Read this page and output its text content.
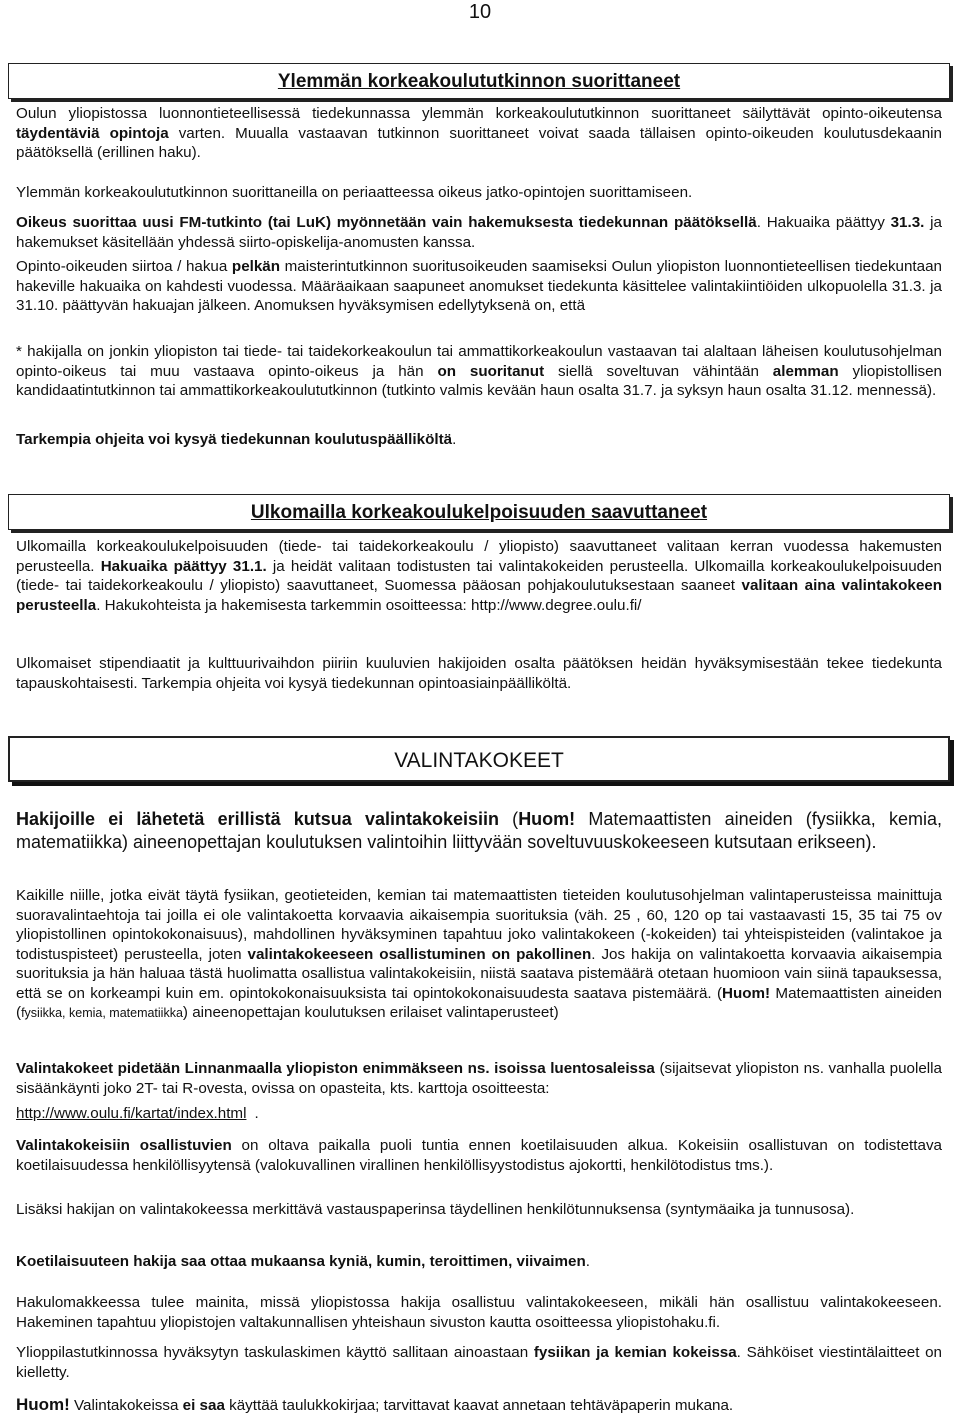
10
Ylemmän korkeakoulututkinnon suorittaneet

Oulun yliopistossa luonnontieteellisessä tiedekunnassa ylemmän korkeakoulututkinnon suorittaneet säilyttävät opinto-oikeutensa täydentäviä opintoja varten. Muualla vastaavan tutkinnon suorittaneet voivat saada tällaisen opinto-oikeuden koulutusdekaanin päätöksellä (erillinen haku).

Ylemmän korkeakoulututkinnon suorittaneilla on periaatteessa oikeus jatko-opintojen suorittamiseen.

Oikeus suorittaa uusi FM-tutkinto (tai LuK) myönnetään vain hakemuksesta tiedekunnan päätöksellä. Hakuaika päättyy 31.3. ja hakemukset käsitellään yhdessä siirto-opiskelija-anomusten kanssa.

Opinto-oikeuden siirtoa / hakua pelkän maisterintutkinnon suoritusoikeuden saamiseksi Oulun yliopiston luonnontieteellisen tiedekuntaan hakeville hakuaika on kahdesti vuodessa. Määräaikaan saapuneet anomukset tiedekunta käsittelee valintakiintiöiden ulkopuolella 31.3. ja 31.10. päättyvän hakuajan jälkeen. Anomuksen hyväksymisen edellytyksenä on, että

* hakijalla on jonkin yliopiston tai tiede- tai taidekorkeakoulun tai ammattikorkeakoulun vastaavan tai alaltaan läheisen koulutusohjelman opinto-oikeus tai muu vastaava opinto-oikeus ja hän on suoritanut siellä soveltuvan vähintään alemman yliopistollisen kandidaatintutkinnon tai ammattikorkeakoulututkinnon (tutkinto valmis kevään haun osalta 31.7. ja syksyn haun osalta 31.12. mennessä).

Tarkempia ohjeita voi kysyä tiedekunnan koulutuspäälliköltä.

Ulkomailla korkeakoulukelpoisuuden saavuttaneet

Ulkomailla korkeakoulukelpoisuuden (tiede- tai taidekorkeakoulu / yliopisto) saavuttaneet valitaan kerran vuodessa hakemusten perusteella. Hakuaika päättyy 31.1. ja heidät valitaan todistusten tai valintakokeiden perusteella. Ulkomailla korkeakoulukelpoisuuden (tiede- tai taidekorkeakoulu / yliopisto) saavuttaneet, Suomessa pääosan pohjakoulutuksestaan saaneet valitaan aina valintakokeen perusteella. Hakukohteista ja hakemisesta tarkemmin osoitteessa: http://www.degree.oulu.fi/

Ulkomaiset stipendiaatit ja kulttuurivaihdon piiriin kuuluvien hakijoiden osalta päätöksen heidän hyväksymisestään tekee tiedekunta tapauskohtaisesti. Tarkempia ohjeita voi kysyä tiedekunnan opintoasiainpäälliköltä.

VALINTAKOKEET

Hakijoille ei lähetetä erillistä kutsua valintakokeisiin (Huom! Matemaattisten aineiden (fysiikka, kemia, matematiikka) aineenopettajan koulutuksen valintoihin liittyvään soveltuvuuskokeeseen kutsutaan erikseen).

Kaikille niille, jotka eivät täytä fysiikan, geotieteiden, kemian tai matemaattisten tieteiden koulutusohjelman valintaperusteissa mainittuja suoravalintaehtoja tai joilla ei ole valintakoetta korvaavia aikaisempia suorituksia (väh. 25 , 60, 120 op tai vastaavasti 15, 35 tai 75 ov yliopistollinen opintokokonaisuus), mahdollinen hyväksyminen tapahtuu joko valintakokeen (-kokeiden) tai yhteispisteiden (valintakoe ja todistuspisteet) perusteella, joten valintakokeeseen osallistuminen on pakollinen. Jos hakija on valintakoetta korvaavia aikaisempia suorituksia ja hän haluaa tästä huolimatta osallistua valintakokeisiin, niistä saatava pistemäärä otetaan huomioon vain siinä tapauksessa, että se on korkeampi kuin em. opintokokonaisuuksista tai opintokokonaisuudesta saatava pistemäärä. (Huom! Matemaattisten aineiden (fysiikka, kemia, matematiikka) aineenopettajan koulutuksen erilaiset valintaperusteet)

Valintakokeet pidetään Linnanmaalla yliopiston enimmäkseen ns. isoissa luentosaleissa (sijaitsevat yliopiston ns. vanhalla puolella sisäänkäynti joko 2T- tai R-ovesta, ovissa on opasteita, kts. karttoja osoitteesta:

http://www.oulu.fi/kartat/index.html .

Valintakokeisiin osallistuvien on oltava paikalla puoli tuntia ennen koetilaisuuden alkua. Kokeisiin osallistuvan on todistettava koetilaisuudessa henkilöllisyytensä (valokuvallinen virallinen henkilöllisyystodistus ajokortti, henkilötodistus tms.).

Lisäksi hakijan on valintakokeessa merkittävä vastauspaperinsa täydellinen henkilötunnuksensa (syntymäaika ja tunnusosa).

Koetilaisuuteen hakija saa ottaa mukaansa kyniä, kumin, teroittimen, viivaimen.

Hakulomakkeessa tulee mainita, missä yliopistossa hakija osallistuu valintakokeeseen, mikäli hän osallistuu valintakokeeseen. Hakeminen tapahtuu yliopistojen valtakunnallisen yhteishaun sivuston kautta osoitteessa yliopistohaku.fi.

Ylioppilastutkinnossa hyväksytyn taskulaskimen käyttö sallitaan ainoastaan fysiikan ja kemian kokeissa. Sähköiset viestintälaitteet on kielletty.

Huom! Valintakokeissa ei saa käyttää taulukkokirjaa; tarvittavat kaavat annetaan tehtäväpaperin mukana.
